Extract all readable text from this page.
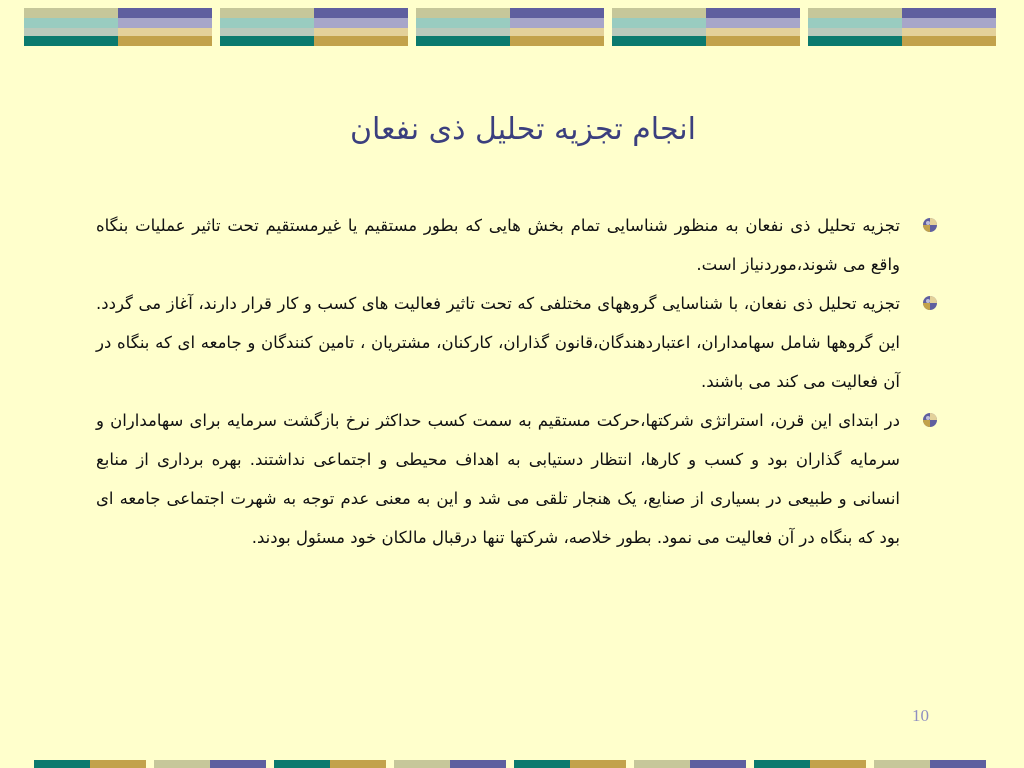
انجام تجزیه تحلیل ذی نفعان
تجزیه تحلیل ذی نفعان به منظور شناسایی تمام بخش هایی که بطور مستقیم یا غیرمستقیم تحت تاثیر عملیات بنگاه واقع می شوند،موردنیاز است.
تجزیه تحلیل ذی نفعان، با شناسایی گروههای مختلفی که تحت تاثیر فعالیت های کسب و کار قرار دارند، آغاز می گردد. این گروهها شامل سهامداران، اعتباردهندگان،قانون گذاران، کارکنان، مشتریان ، تامین کنندگان و جامعه ای که بنگاه در آن فعالیت می کند می باشند.
در ابتدای این قرن، استراتژی شرکتها،حرکت مستقیم به سمت کسب حداکثر نرخ بازگشت سرمایه برای سهامداران و سرمایه گذاران بود و کسب و کارها، انتظار دستیابی به اهداف محیطی و اجتماعی نداشتند. بهره برداری از منابع انسانی و طبیعی در بسیاری از صنایع، یک هنجار تلقی می شد و این به معنی عدم توجه به شهرت اجتماعی جامعه ای بود که بنگاه در آن فعالیت می نمود. بطور خلاصه، شرکتها تنها درقبال مالکان خود مسئول بودند.
10
